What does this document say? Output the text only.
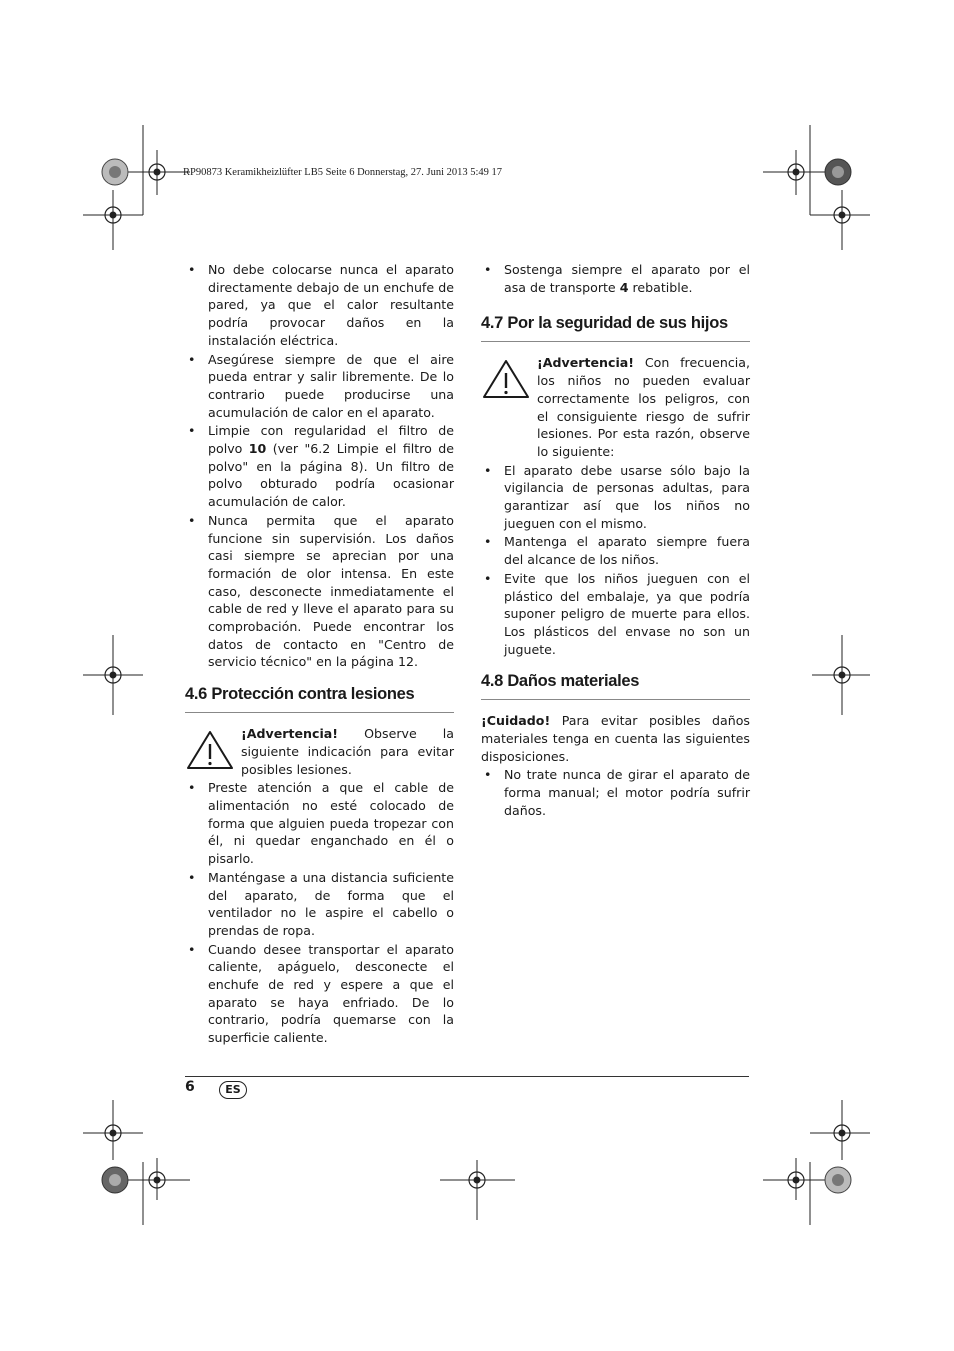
RP90873 Keramikheizlüfter LB5 Seite 6 Donnerstag, 27. Juni 2013 5:49 17
• No debe colocarse nunca el aparato directamente debajo de un enchufe de pared, ya que el calor resultante podría provocar daños en la instalación eléctrica.
• Asegúrese siempre de que el aire pueda entrar y salir libremente. De lo contrario puede producirse una acumulación de calor en el aparato.
• Limpie con regularidad el filtro de polvo 10 (ver "6.2 Limpie el filtro de polvo" en la página 8). Un filtro de polvo obturado podría ocasionar acumulación de calor.
• Nunca permita que el aparato funcione sin supervisión. Los daños casi siempre se aprecian por una formación de olor intensa. En este caso, desconecte inmediatamente el cable de red y lleve el aparato para su comprobación. Puede encontrar los datos de contacto en "Centro de servicio técnico" en la página 12.
4.6 Protección contra lesiones
¡Advertencia! Observe la siguiente indicación para evitar posibles lesiones.
• Preste atención a que el cable de alimentación no esté colocado de forma que alguien pueda tropezar con él, ni quedar enganchado en él o pisarlo.
• Manténgase a una distancia suficiente del aparato, de forma que el ventilador no le aspire el cabello o prendas de ropa.
• Cuando desee transportar el aparato caliente, apáguelo, desconecte el enchufe de red y espere a que el aparato se haya enfriado. De lo contrario, podría quemarse con la superficie caliente.
• Sostenga siempre el aparato por el asa de transporte 4 rebatible.
4.7 Por la seguridad de sus hijos
¡Advertencia! Con frecuencia, los niños no pueden evaluar correctamente los peligros, con el consiguiente riesgo de sufrir lesiones. Por esta razón, observe lo siguiente:
• El aparato debe usarse sólo bajo la vigilancia de personas adultas, para garantizar así que los niños no jueguen con el mismo.
• Mantenga el aparato siempre fuera del alcance de los niños.
• Evite que los niños jueguen con el plástico del embalaje, ya que podría suponer peligro de muerte para ellos. Los plásticos del envase no son un juguete.
4.8 Daños materiales

¡Cuidado! Para evitar posibles daños materiales tenga en cuenta las siguientes disposiciones.

• No trate nunca de girar el aparato de forma manual; el motor podría sufrir daños.
6	ES
